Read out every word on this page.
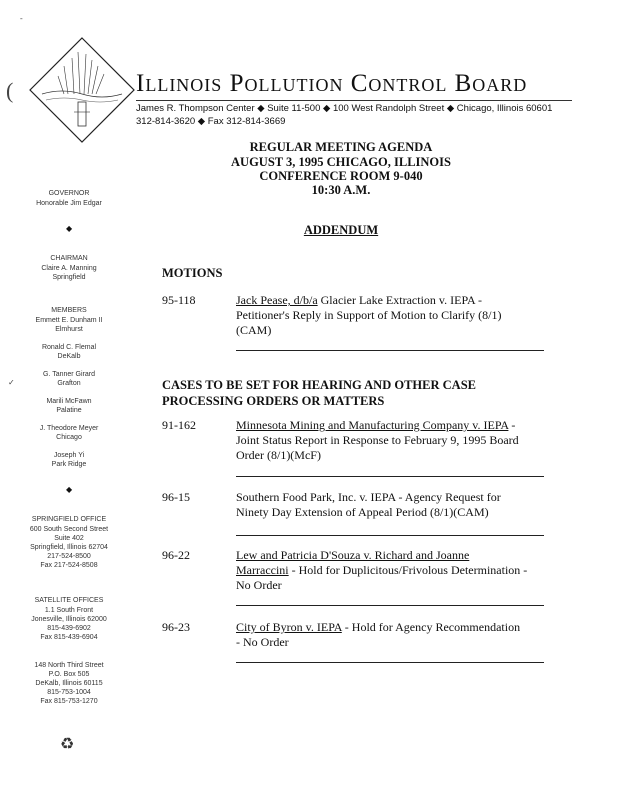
Illinois Pollution Control Board
James R. Thompson Center ◆ Suite 11-500 ◆ 100 West Randolph Street ◆ Chicago, Illinois 60601
312-814-3620 ◆ Fax 312-814-3669
REGULAR MEETING AGENDA
AUGUST 3, 1995 CHICAGO, ILLINOIS
CONFERENCE ROOM 9-040
10:30 A.M.
ADDENDUM
GOVERNOR
Honorable Jim Edgar
◆
CHAIRMAN
Claire A. Manning
Springfield
MEMBERS
Emmett E. Dunham II
Elmhurst
Ronald C. Flemal
DeKalb
G. Tanner Girard
Grafton
Marili McFawn
Palatine
J. Theodore Meyer
Chicago
Joseph Yi
Park Ridge
◆
SPRINGFIELD OFFICE
600 South Second Street
Suite 402
Springfield, Illinois 62704
217-524-8500
Fax 217-524-8508
SATELLITE OFFICES
1.1 South Front
Jonesville, Illinois 62000
815-439-6902
Fax 815-439-6904
148 North Third Street
P.O. Box 505
DeKalb, Illinois 60115
815-753-1004
Fax 815-753-1270
♻
(
-
✓
MOTIONS
95-118	Jack Pease, d/b/a Glacier Lake Extraction v. IEPA -
Petitioner's Reply in Support of Motion to Clarify (8/1)
(CAM)
CASES TO BE SET FOR HEARING AND OTHER CASE
PROCESSING ORDERS OR MATTERS
91-162	Minnesota Mining and Manufacturing Company v. IEPA -
Joint Status Report in Response to February 9, 1995 Board
Order (8/1)(McF)
96-15	Southern Food Park, Inc. v. IEPA - Agency Request for
Ninety Day Extension of Appeal Period (8/1)(CAM)
96-22	Lew and Patricia D'Souza v. Richard and Joanne
Marraccini - Hold for Duplicitous/Frivolous Determination -
No Order
96-23	City of Byron v. IEPA - Hold for Agency Recommendation
- No Order
